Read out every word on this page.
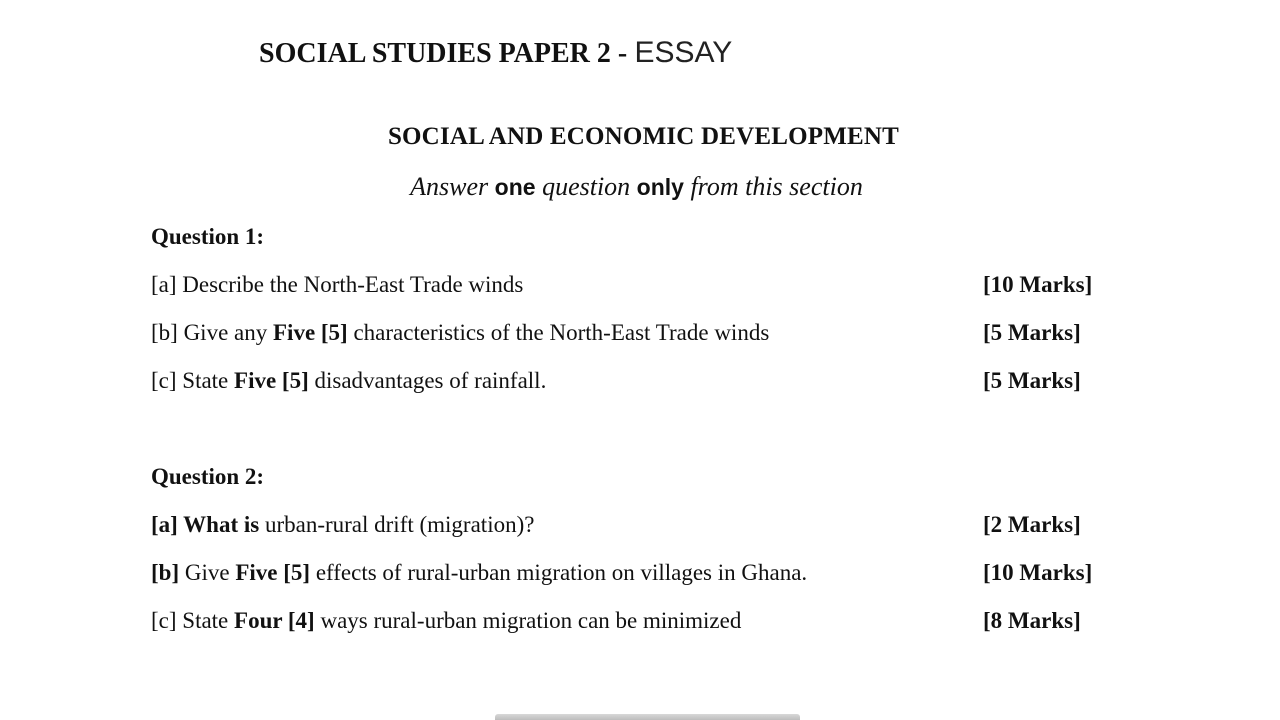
SOCIAL STUDIES PAPER 2 - ESSAY
SOCIAL AND ECONOMIC DEVELOPMENT
Answer one question only from this section
Question 1:
[a] Describe the North-East Trade winds	[10 Marks]
[b] Give any Five [5] characteristics of the North-East Trade winds	[5 Marks]
[c] State Five [5] disadvantages of rainfall.	[5 Marks]
Question 2:
[a] What is urban-rural drift (migration)?	[2 Marks]
[b] Give Five [5] effects of rural-urban migration on villages in Ghana.	[10 Marks]
[c] State Four [4] ways rural-urban migration can be minimized	[8 Marks]
